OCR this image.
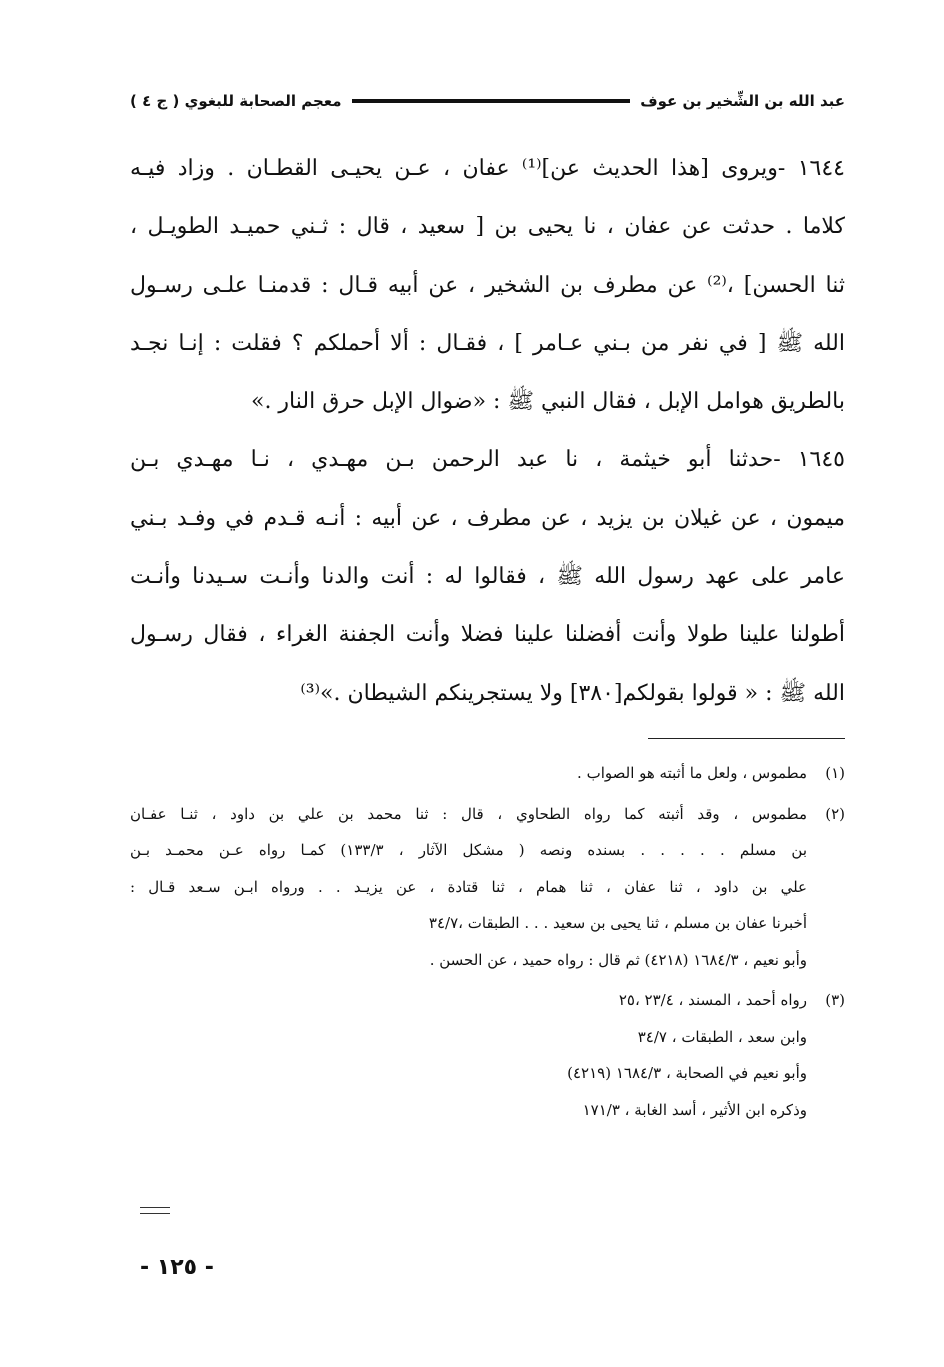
عبد الله بن الشِّخير بن عوف
معجم الصحابة للبغوي ( ج ٤ )
١٦٤٤ -ويروى [هذا الحديث عن]⁽¹⁾ عفان ، عـن يحيـى القطـان . وزاد فيـه
كلاما . حدثت عن عفان ، نا يحيى بن [ سعيد ، قال : ثـني حميـد الطويـل ،
ثنا الحسن] ،⁽²⁾ عن مطرف بن الشخير ، عن أبيه قـال : قدمنـا علـى رسـول
الله ﷺ [ في نفر من بـني عـامر ] ، فقـال : ألا أحملكم ؟ فقلت : إنـا نجـد
بالطريق هوامل الإبل ، فقال النبي ﷺ : «ضوال الإبل حرق النار .»
١٦٤٥ -حدثنا أبو خيثمة ، نا عبد الرحمن بـن مهـدي ، نـا مهـدي بـن
ميمون ، عن غيلان بن يزيد ، عن مطرف ، عن أبيه : أنـه قـدم في وفـد بـني
عامر على عهد رسول الله ﷺ ، فقالوا له : أنت والدنا وأنـت سـيدنا وأنـت
أطولنا علينا طولا وأنت أفضلنا علينا فضلا وأنت الجفنة الغراء ، فقال رسـول
الله ﷺ : « قولوا بقولكم[٣٨٠] ولا يستجرينكم الشيطان .»⁽³⁾
(١)
مطموس ، ولعل ما أثبته هو الصواب .
(٢)
مطموس ، وقد أثبته كما رواه الطحاوي ، قال : ثنا محمد بن علي بن داود ، ثنـا عفـان
بن مسلم . . . . . بسنده ونصه ( مشكل الآثار ، ١٣٣/٣) كمـا رواه عـن محمـد بـن
علي بن داود ، ثنا عفان ، ثنا همام ، ثنا قتادة ، عن يزيـد . . ورواه ابـن سـعد قـال :
أخبرنا عفان بن مسلم ، ثنا يحيى بن سعيد . . . الطبقات ،٣٤/٧
وأبو نعيم ، ١٦٨٤/٣ (٤٢١٨) ثم قال : رواه حميد ، عن الحسن .
(٣)
رواه أحمد ، المسند ، ٢٣/٤ ،٢٥
وابن سعد ، الطبقات ، ٣٤/٧
وأبو نعيم في الصحابة ، ١٦٨٤/٣ (٤٢١٩)
وذكره ابن الأثير ، أسد الغابة ، ١٧١/٣
- ١٢٥ -
